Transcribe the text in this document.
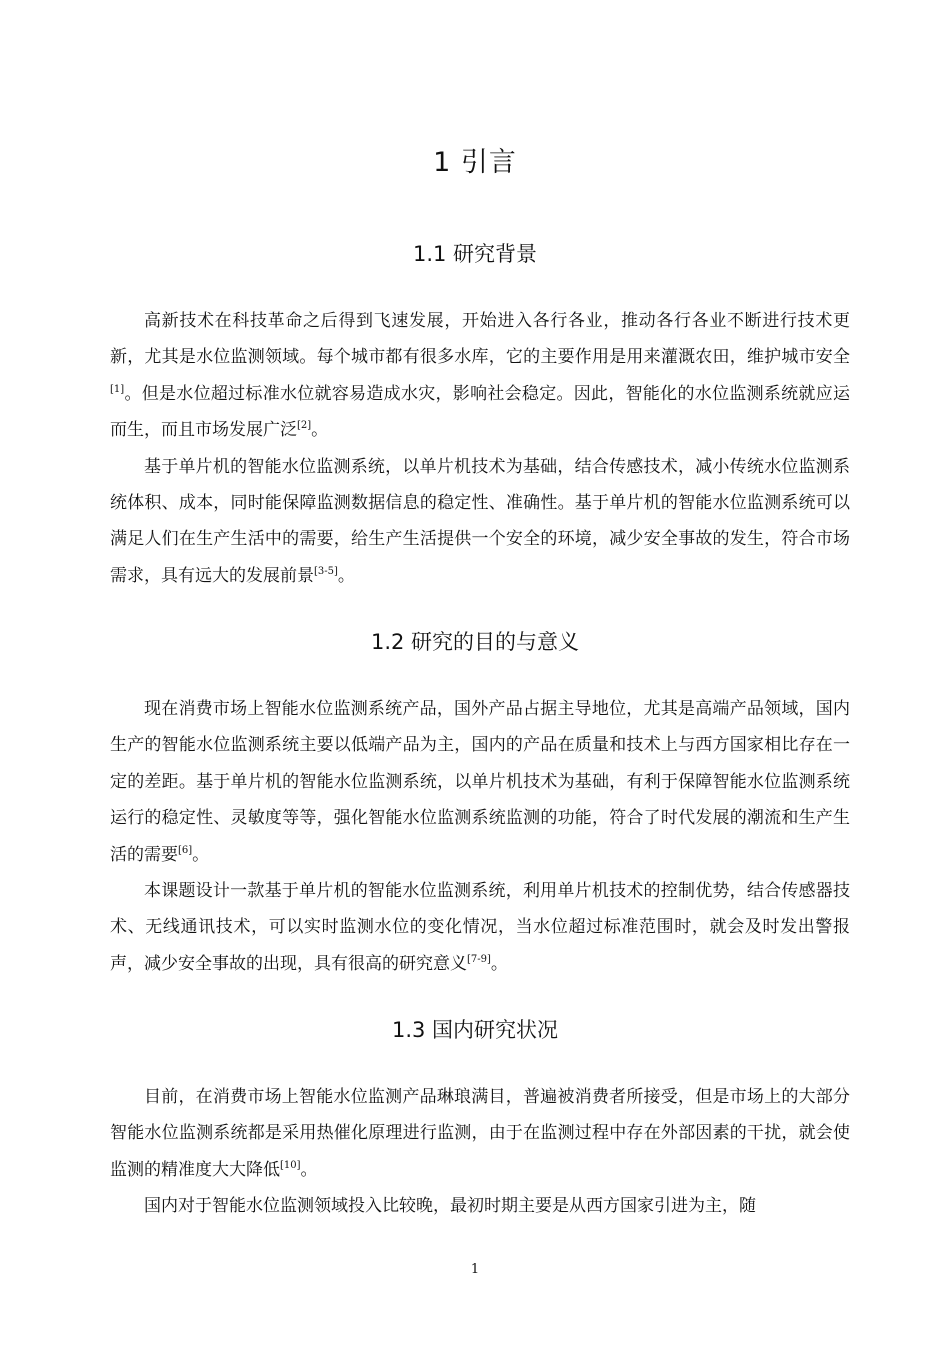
1 引言
1.1 研究背景

高新技术在科技革命之后得到飞速发展，开始进入各行各业，推动各行各业不断进行技术更新，尤其是水位监测领域。每个城市都有很多水库，它的主要作用是用来灌溉农田，维护城市安全[1]。但是水位超过标准水位就容易造成水灾，影响社会稳定。因此，智能化的水位监测系统就应运而生，而且市场发展广泛[2]。

基于单片机的智能水位监测系统，以单片机技术为基础，结合传感技术，减小传统水位监测系统体积、成本，同时能保障监测数据信息的稳定性、准确性。基于单片机的智能水位监测系统可以满足人们在生产生活中的需要，给生产生活提供一个安全的环境，减少安全事故的发生，符合市场需求，具有远大的发展前景[3-5]。

1.2 研究的目的与意义

现在消费市场上智能水位监测系统产品，国外产品占据主导地位，尤其是高端产品领域，国内生产的智能水位监测系统主要以低端产品为主，国内的产品在质量和技术上与西方国家相比存在一定的差距。基于单片机的智能水位监测系统，以单片机技术为基础，有利于保障智能水位监测系统运行的稳定性、灵敏度等等，强化智能水位监测系统监测的功能，符合了时代发展的潮流和生产生活的需要[6]。

本课题设计一款基于单片机的智能水位监测系统，利用单片机技术的控制优势，结合传感器技术、无线通讯技术，可以实时监测水位的变化情况，当水位超过标准范围时，就会及时发出警报声，减少安全事故的出现，具有很高的研究意义[7-9]。

1.3 国内研究状况

目前，在消费市场上智能水位监测产品琳琅满目，普遍被消费者所接受，但是市场上的大部分智能水位监测系统都是采用热催化原理进行监测，由于在监测过程中存在外部因素的干扰，就会使监测的精准度大大降低[10]。

国内对于智能水位监测领域投入比较晚，最初时期主要是从西方国家引进为主，随

1
